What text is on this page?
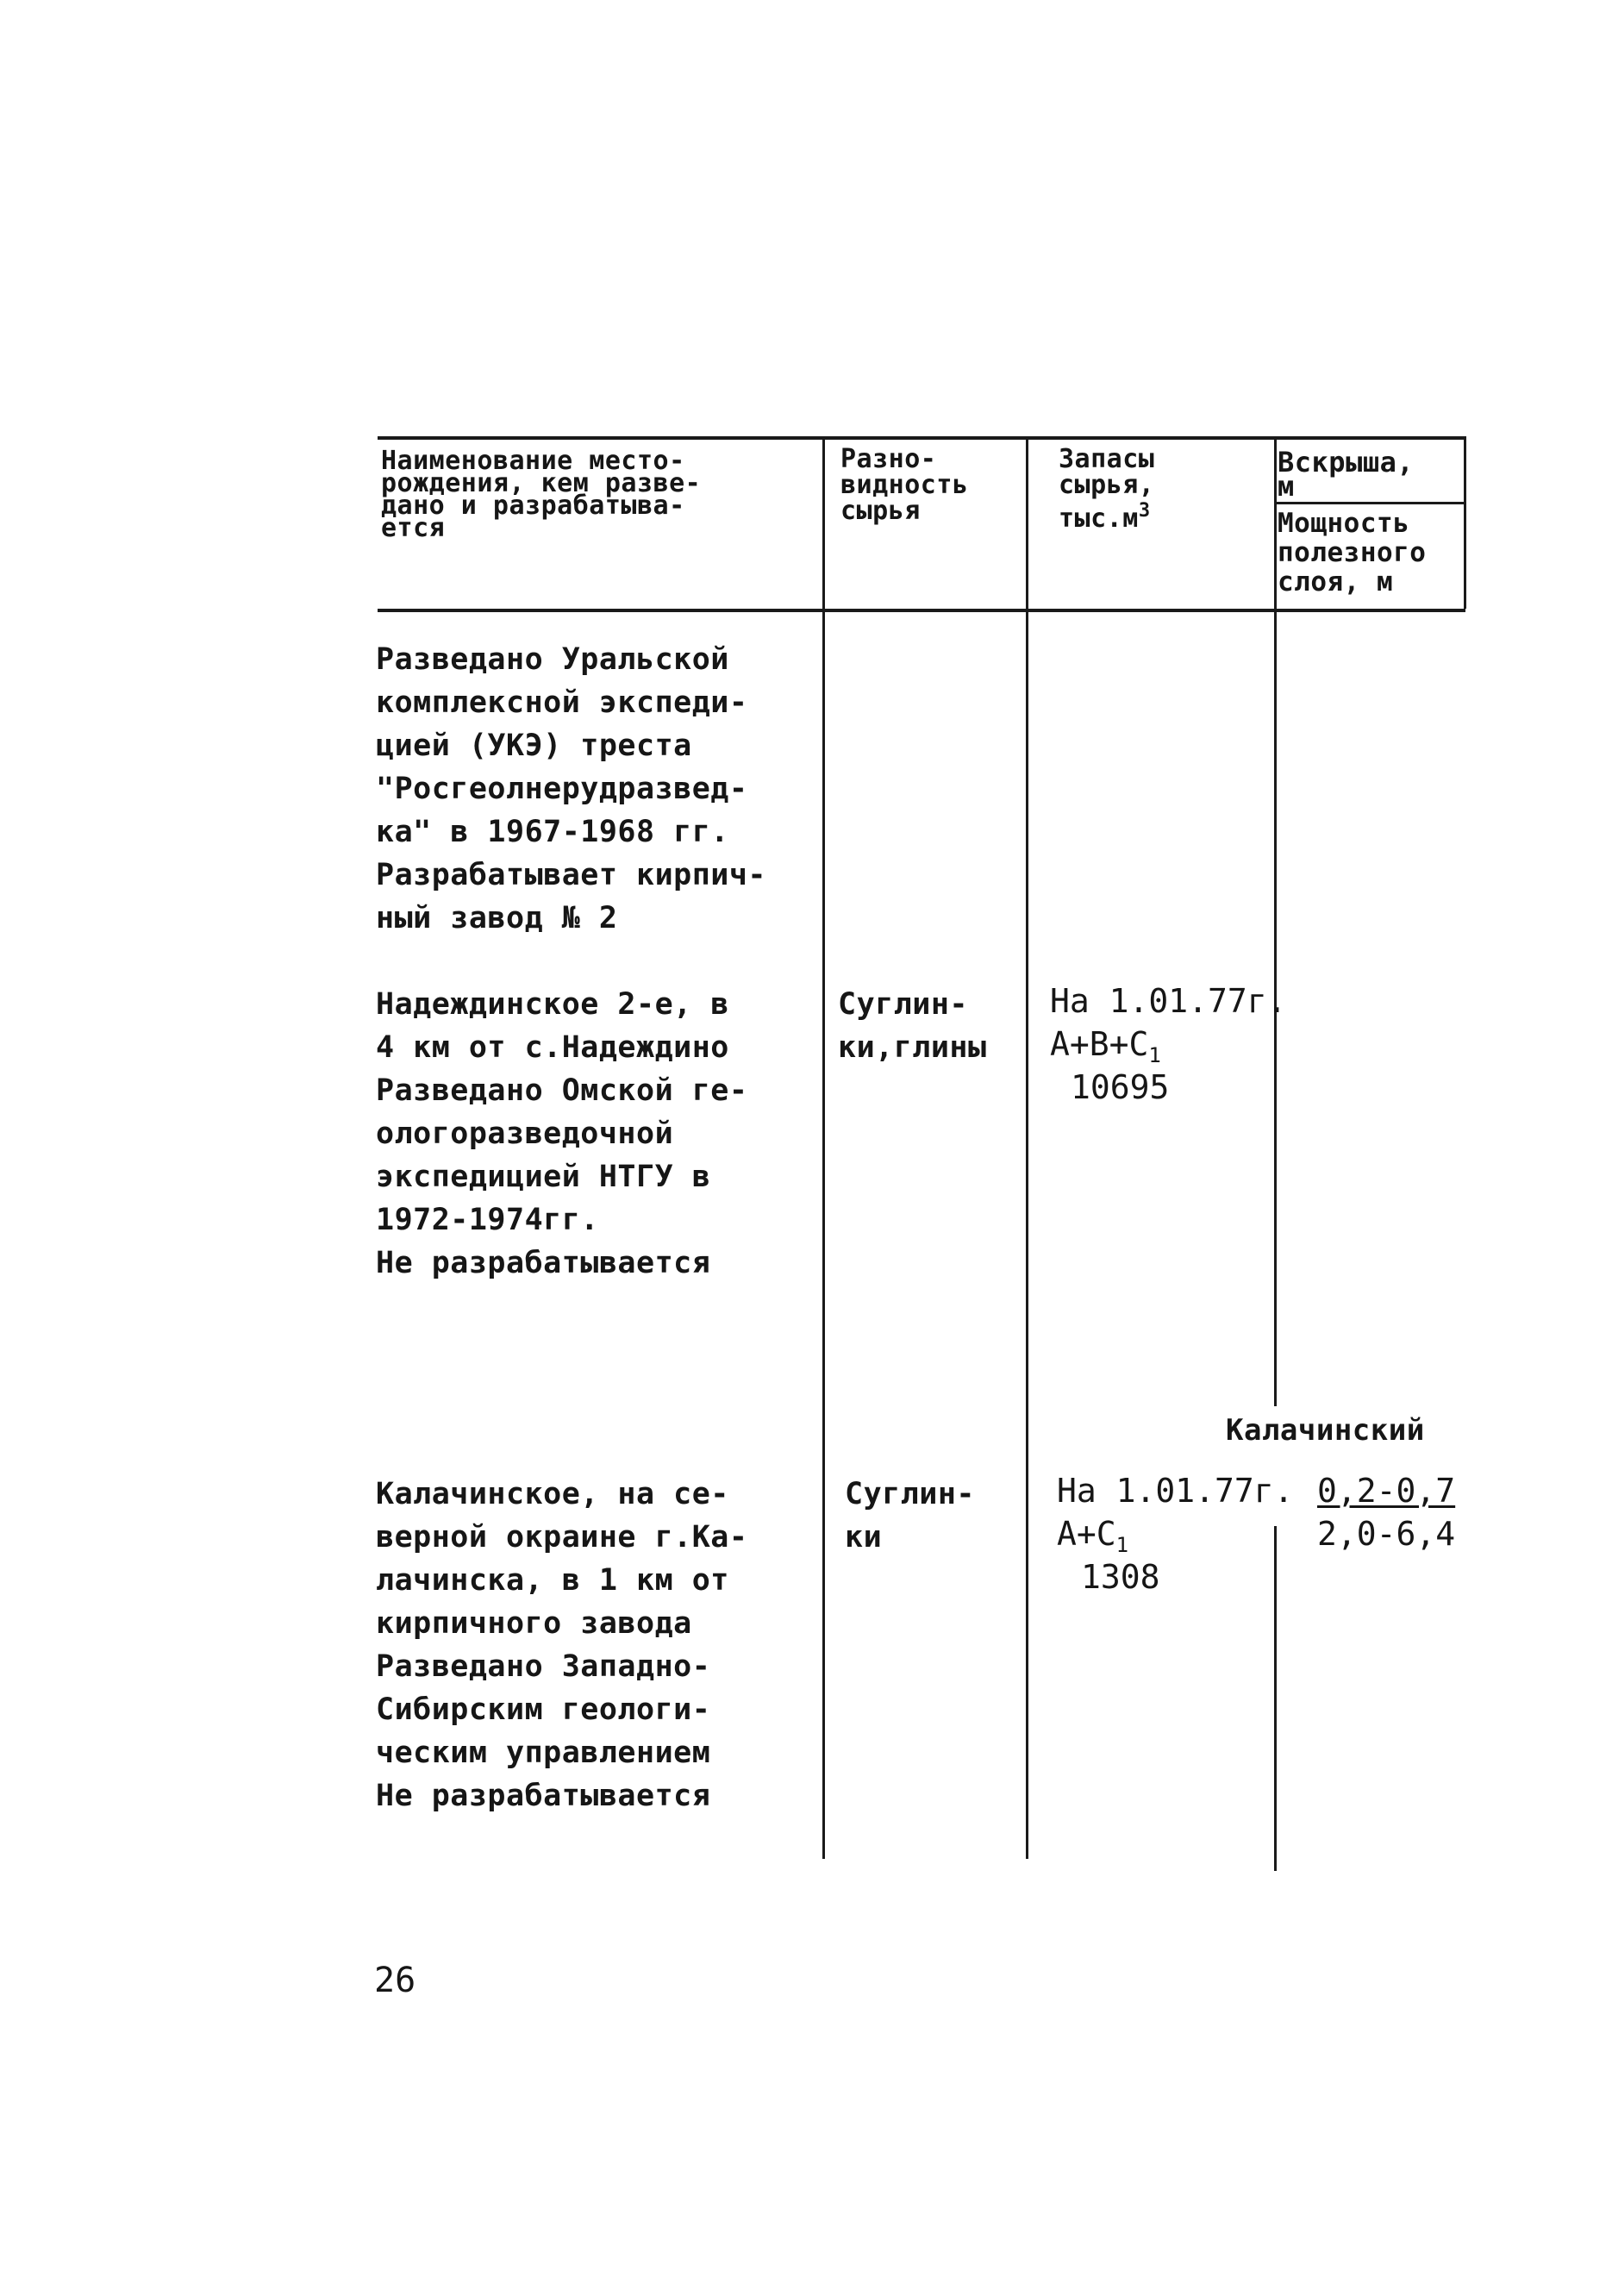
Наименование место-
рождения, кем разве-
дано и разрабатыва-
ется
Разно-
видность
сырья
Запасы
сырья,
$тыс.м^3$
Вскрыша,
м
Мощность
полезного
слоя, м
Разведано Уральской
комплексной экспеди-
цией (УКЭ) треста
"Росгеолнерудразвед-
ка" в 1967-1968 гг.
Разрабатывает кирпич-
ный завод № 2
Надеждинское 2-е, в
4 км от с.Надеждино
Разведано Омской ге-
ологоразведочной
экспедицией НТГУ в
1972-1974гг.
Не разрабатывается
Суглин-
ки,глины
На 1.01.77г.
$А+В+С_1$
10695
Калачинский
Калачинское, на се-
верной окраине г.Ка-
лачинска, в 1 км от
кирпичного завода
Разведано Западно-
Сибирским геологи-
ческим управлением
Не разрабатывается
Суглин-
ки
На 1.01.77г.
$А+С_1$
1308
0,2-0,7
2,0-6,4
26
